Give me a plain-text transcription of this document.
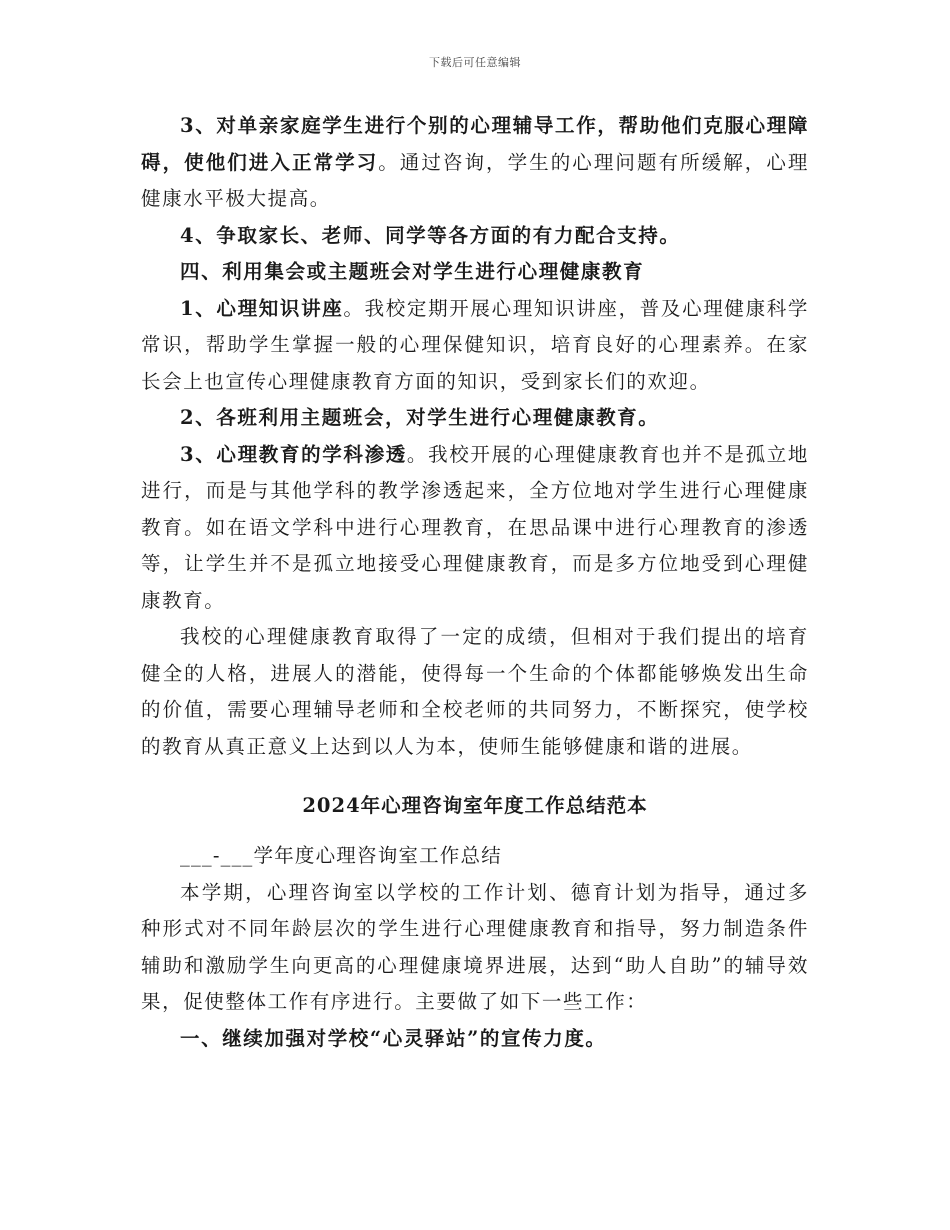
下载后可任意编辑

3、对单亲家庭学生进行个别的心理辅导工作，帮助他们克服心理障碍，使他们进入正常学习。通过咨询，学生的心理问题有所缓解，心理健康水平极大提高。

4、争取家长、老师、同学等各方面的有力配合支持。

四、利用集会或主题班会对学生进行心理健康教育

1、心理知识讲座。我校定期开展心理知识讲座，普及心理健康科学常识，帮助学生掌握一般的心理保健知识，培育良好的心理素养。在家长会上也宣传心理健康教育方面的知识，受到家长们的欢迎。

2、各班利用主题班会，对学生进行心理健康教育。

3、心理教育的学科渗透。我校开展的心理健康教育也并不是孤立地进行，而是与其他学科的教学渗透起来，全方位地对学生进行心理健康教育。如在语文学科中进行心理教育，在思品课中进行心理教育的渗透等，让学生并不是孤立地接受心理健康教育，而是多方位地受到心理健康教育。

我校的心理健康教育取得了一定的成绩，但相对于我们提出的培育健全的人格，进展人的潜能，使得每一个生命的个体都能够焕发出生命的价值，需要心理辅导老师和全校老师的共同努力，不断探究，使学校的教育从真正意义上达到以人为本，使师生能够健康和谐的进展。

2024年心理咨询室年度工作总结范本

___-___学年度心理咨询室工作总结

本学期，心理咨询室以学校的工作计划、德育计划为指导，通过多种形式对不同年龄层次的学生进行心理健康教育和指导，努力制造条件辅助和激励学生向更高的心理健康境界进展，达到“助人自助”的辅导效果，促使整体工作有序进行。主要做了如下一些工作：

一、继续加强对学校“心灵驿站”的宣传力度。
